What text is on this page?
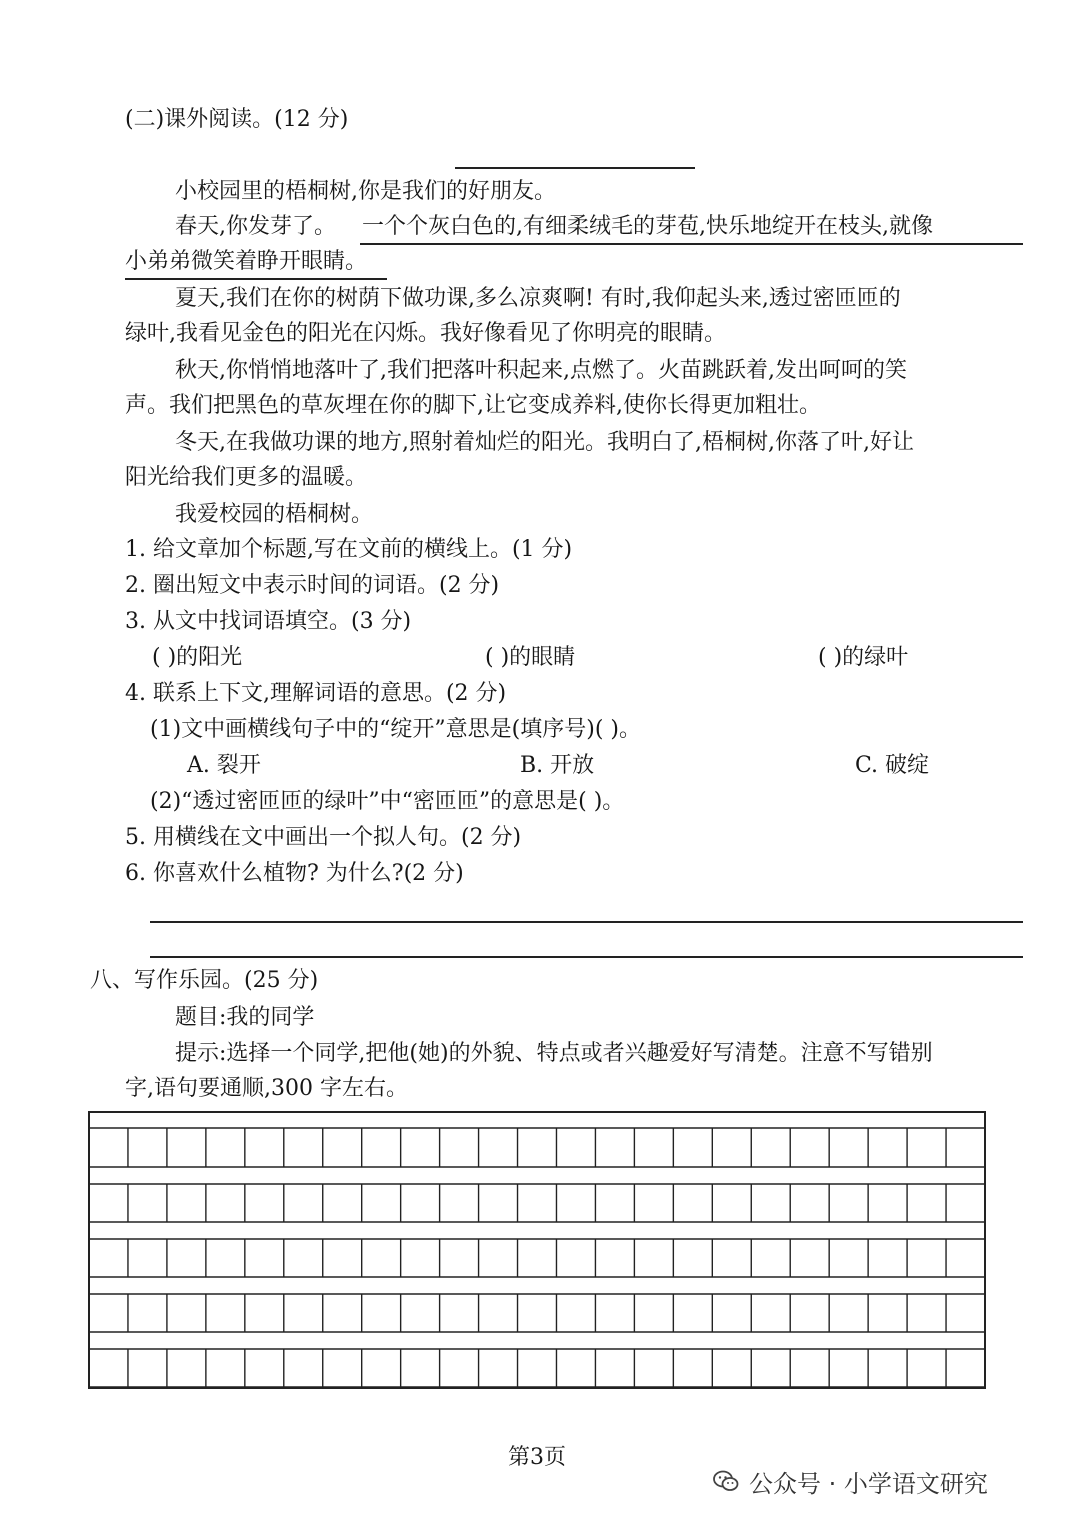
(二)课外阅读。(12 分)
小校园里的梧桐树,你是我们的好朋友。
春天,你发芽了。 一个个灰白色的,有细柔绒毛的芽苞,快乐地绽开在枝头,就像
小弟弟微笑着睁开眼睛。
夏天,我们在你的树荫下做功课,多么凉爽啊! 有时,我仰起头来,透过密匝匝的
绿叶,我看见金色的阳光在闪烁。我好像看见了你明亮的眼睛。
秋天,你悄悄地落叶了,我们把落叶积起来,点燃了。火苗跳跃着,发出呵呵的笑
声。我们把黑色的草灰埋在你的脚下,让它变成养料,使你长得更加粗壮。
冬天,在我做功课的地方,照射着灿烂的阳光。我明白了,梧桐树,你落了叶,好让
阳光给我们更多的温暖。
我爱校园的梧桐树。
1. 给文章加个标题,写在文前的横线上。(1 分)
2. 圈出短文中表示时间的词语。(2 分)
3. 从文中找词语填空。(3 分)
( )的阳光	( )的眼睛	( )的绿叶
4. 联系上下文,理解词语的意思。(2 分)
(1)文中画横线句子中的“绽开”意思是(填序号)( )。
A. 裂开	B. 开放	C. 破绽
(2)“透过密匝匝的绿叶”中“密匝匝”的意思是( )。
5. 用横线在文中画出一个拟人句。(2 分)
6. 你喜欢什么植物? 为什么?(2 分)
八、写作乐园。(25 分)
题目:我的同学
提示:选择一个同学,把他(她)的外貌、特点或者兴趣爱好写清楚。注意不写错别
字,语句要通顺,300 字左右。
第3页
公众号 · 小学语文研究
